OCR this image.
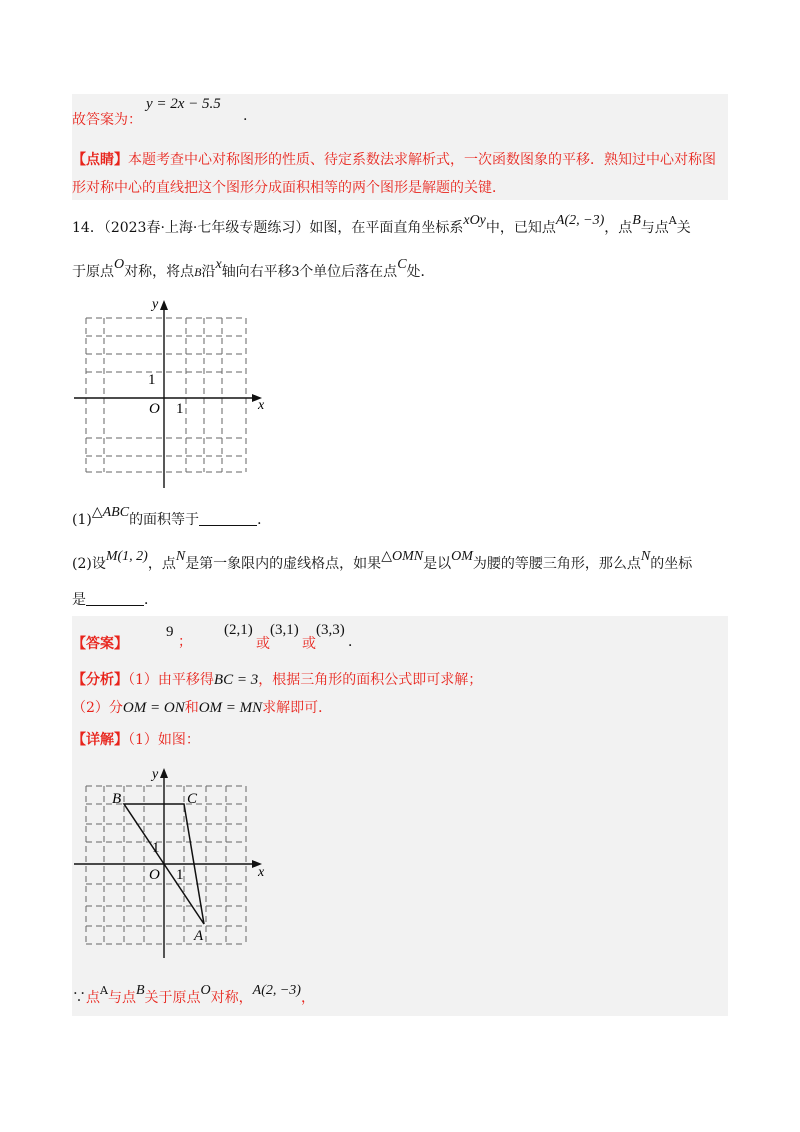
故答案为：
y = 2x − 5.5
.
【点睛】本题考查中心对称图形的性质、待定系数法求解析式，一次函数图象的平移．熟知过中心对称图
形对称中心的直线把这个图形分成面积相等的两个图形是解题的关键．
14．（2023春·上海·七年级专题练习）如图，在平面直角坐标系xOy中，已知点A(2, −3)，点B与点$^A$关
于原点O对称，将点B沿x轴向右平移3个单位后落在点C处．
y
x
O 1
1
(1)△ABC的面积等于	．
(2)设M(1, 2)，点N是第一象限内的虚线格点，如果△OMN是以OM为腰的等腰三角形，那么点N的坐标
是	．
【答案】
9
；
(2,1)
或
(3,1)
或
(3,3)
．
【分析】（1）由平移得BC = 3，根据三角形的面积公式即可求解；
（2）分OM = ON和OM = MN求解即可．
【详解】（1）如图：
y
x
O 1
1
B	C
A
∵点$^A$与点B关于原点O对称，A(2, −3)，
